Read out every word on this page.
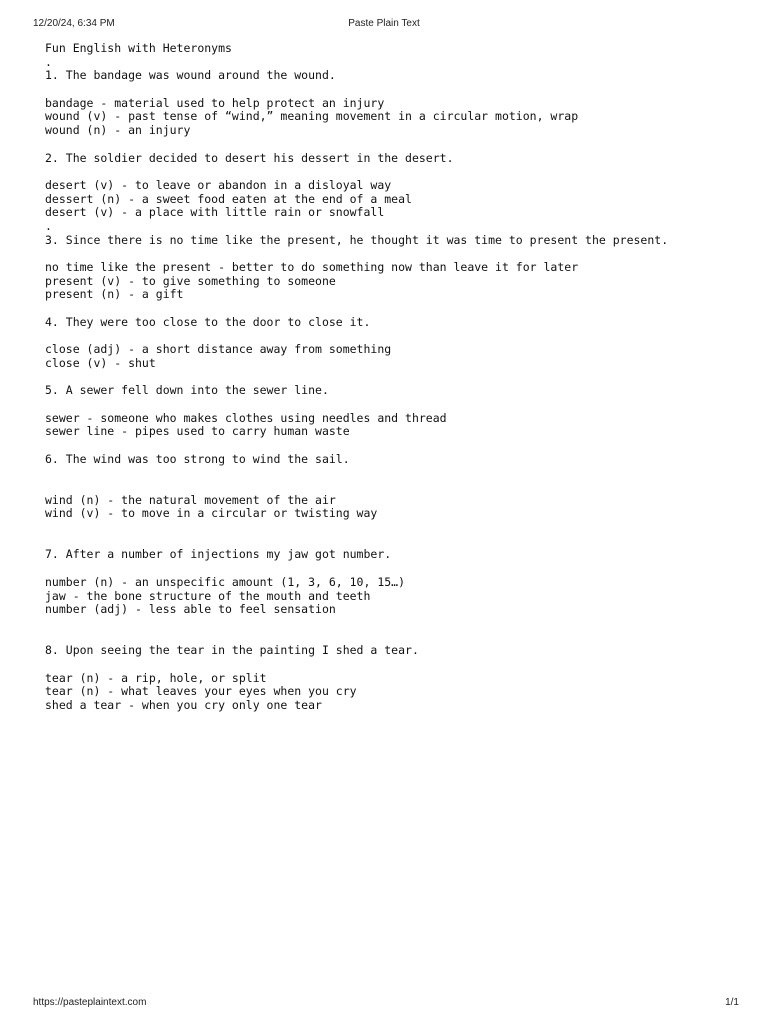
12/20/24, 6:34 PM	Paste Plain Text
Fun English with Heteronyms
.
1. The bandage was wound around the wound.
bandage - material used to help protect an injury
wound (v) - past tense of “wind,” meaning movement in a circular motion, wrap
wound (n) - an injury
2. The soldier decided to desert his dessert in the desert.
desert (v) - to leave or abandon in a disloyal way
dessert (n) - a sweet food eaten at the end of a meal
desert (v) - a place with little rain or snowfall
.
3. Since there is no time like the present, he thought it was time to present the present.
no time like the present - better to do something now than leave it for later
present (v) - to give something to someone
present (n) - a gift
4. They were too close to the door to close it.
close (adj) - a short distance away from something
close (v) - shut
5. A sewer fell down into the sewer line.
sewer - someone who makes clothes using needles and thread
sewer line - pipes used to carry human waste
6. The wind was too strong to wind the sail.
wind (n) - the natural movement of the air
wind (v) - to move in a circular or twisting way
7. After a number of injections my jaw got number.
number (n) - an unspecific amount (1, 3, 6, 10, 15…)
jaw - the bone structure of the mouth and teeth
number (adj) - less able to feel sensation
8. Upon seeing the tear in the painting I shed a tear.
tear (n) - a rip, hole, or split
tear (n) - what leaves your eyes when you cry
shed a tear - when you cry only one tear
https://pasteplaintext.com	1/1
